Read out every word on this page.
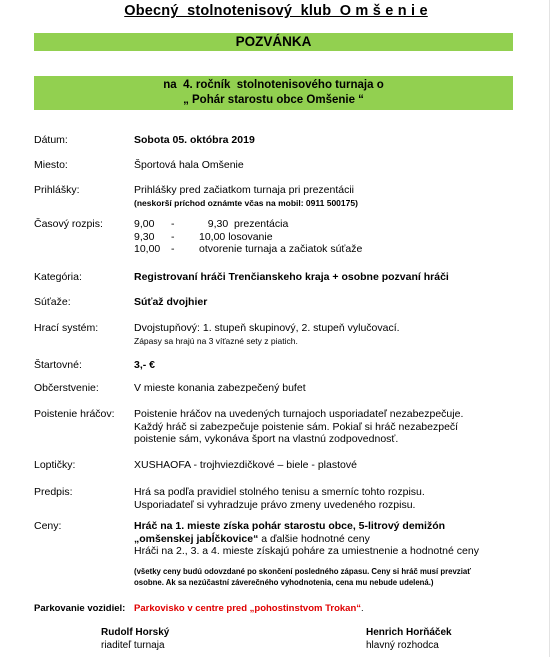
Obecný  stolnotenisový  klub  O m š e n i e
POZVÁNKA
na  4. ročník  stolnotenisového turnaja o
„ Pohár starostu obce Omšenie “
Dátum:	Sobota 05. októbra 2019
Miesto:	Športová hala Omšenie
Prihlášky:	Prihlášky pred začiatkom turnaja pri prezentácii
(neskorší príchod oznámte včas na mobil: 0911 500175)
Časový rozpis:	9,00	-	9,30  prezentácia
9,30	-	10,00 losovanie
10,00	-	otvorenie turnaja a začiatok súťaže
Kategória:	Registrovaní hráči Trenčianskeho kraja + osobne pozvaní hráči
Súťaže:	Súťaž dvojhier
Hrací systém:	Dvojstupňový: 1. stupeň skupinový, 2. stupeň vylučovací.
Zápasy sa hrajú na 3 víťazné sety z piatich.
Štartovné:	3,- €
Občerstvenie:	V mieste konania zabezpečený bufet
Poistenie hráčov:	Poistenie hráčov na uvedených turnajoch usporiadateľ nezabezpečuje.
Každý hráč si zabezpečuje poistenie sám. Pokiaľ si hráč nezabezpečí
poistenie sám, vykonáva šport na vlastnú zodpovednosť.
Loptičky:	XUSHAOFA - trojhviezdičkové – biele - plastové
Predpis:	Hrá sa podľa pravidiel stolného tenisu a smerníc tohto rozpisu.
Usporiadateľ si vyhradzuje právo zmeny uvedeného rozpisu.
Ceny:	Hráč na 1. mieste získa pohár starostu obce, 5-litrový demižón
„omšenskej jabĺčkovice“ a ďalšie hodnotné ceny
Hráči na 2., 3. a 4. mieste získajú poháre za umiestnenie a hodnotné ceny
(všetky ceny budú odovzdané po skončení posledného zápasu. Ceny si hráč musí prevziať
osobne. Ak sa nezúčastní záverečného vyhodnotenia, cena mu nebude udelená.)
Parkovanie vozidiel: Parkovisko v centre pred „pohostinstvom Trokan“.
Rudolf Horský
riaditeľ turnaja
Henrich Horňáček
hlavný rozhodca
